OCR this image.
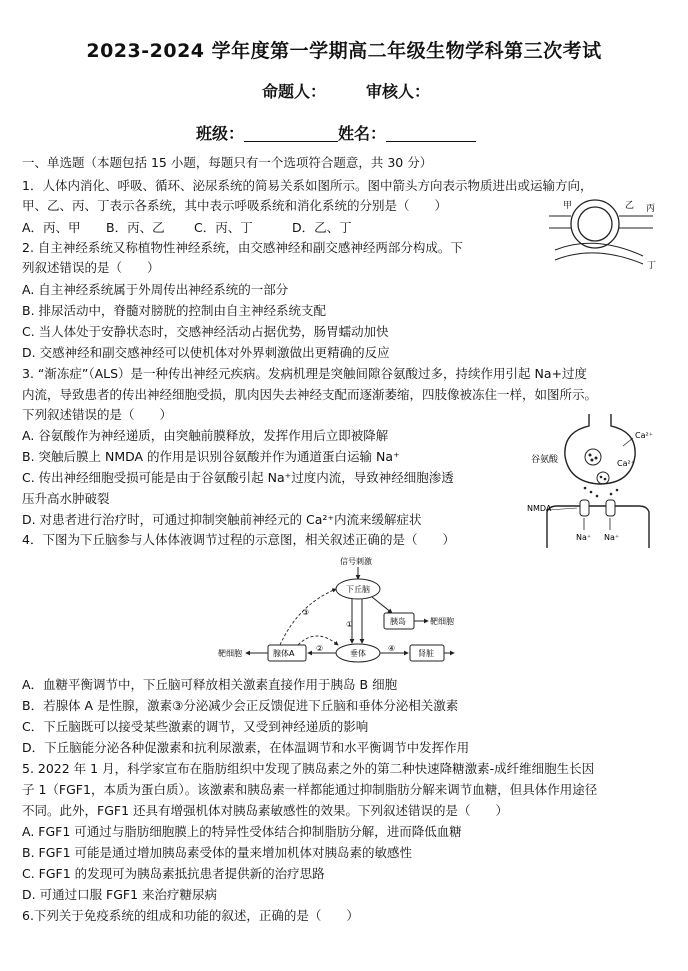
2023-2024 学年度第一学期高二年级生物学科第三次考试
命题人：	审核人：
班级：	姓名：
一、单选题（本题包括 15 小题，每题只有一个选项符合题意，共 30 分）
1．人体内消化、呼吸、循环、泌尿系统的简易关系如图所示。图中箭头方向表示物质进出或运输方向，
甲、乙、丙、丁表示各系统，其中表示呼吸系统和消化系统的分别是（　　）
A．丙、甲 B．丙、乙 C．丙、丁	D．乙、丁
甲	乙 丙
丁
2. 自主神经系统又称植物性神经系统，由交感神经和副交感神经两部分构成。下
列叙述错误的是（　　）
A. 自主神经系统属于外周传出神经系统的一部分
B. 排尿活动中，脊髓对膀胱的控制由自主神经系统支配
C. 当人体处于安静状态时，交感神经活动占据优势，肠胃蠕动加快
D. 交感神经和副交感神经可以使机体对外界刺激做出更精确的反应
3. “渐冻症”（ALS）是一种传出神经元疾病。发病机理是突触间隙谷氨酸过多，持续作用引起 Na+过度
内流，导致患者的传出神经细胞受损，肌肉因失去神经支配而逐渐萎缩，四肢像被冻住一样，如图所示。
下列叙述错误的是（　　）
A. 谷氨酸作为神经递质，由突触前膜释放，发挥作用后立即被降解
B. 突触后膜上 NMDA 的作用是识别谷氨酸并作为通道蛋白运输 Na⁺
C. 传出神经细胞受损可能是由于谷氨酸引起 Na⁺过度内流，导致神经细胞渗透
压升高水肿破裂
D. 对患者进行治疗时，可通过抑制突触前神经元的 Ca²⁺内流来缓解症状
谷氨酸
Ca²⁺
Ca²⁺
NMDA
Na⁺ Na⁺
4．下图为下丘脑参与人体体液调节过程的示意图，相关叙述正确的是（　　）
信号刺激
下丘脑
胰岛	靶细胞
腺体A	垂体	肾脏
靶细胞
①
②
③
④
A．血糖平衡调节中，下丘脑可释放相关激素直接作用于胰岛 B 细胞
B．若腺体 A 是性腺，激素③分泌减少会正反馈促进下丘脑和垂体分泌相关激素
C．下丘脑既可以接受某些激素的调节，又受到神经递质的影响
D．下丘脑能分泌各种促激素和抗利尿激素，在体温调节和水平衡调节中发挥作用
5. 2022 年 1 月，科学家宣布在脂肪组织中发现了胰岛素之外的第二种快速降糖激素-成纤维细胞生长因
子 1（FGF1，本质为蛋白质）。该激素和胰岛素一样都能通过抑制脂肪分解来调节血糖，但具体作用途径
不同。此外，FGF1 还具有增强机体对胰岛素敏感性的效果。下列叙述错误的是（　　）
A. FGF1 可通过与脂肪细胞膜上的特异性受体结合抑制脂肪分解，进而降低血糖
B. FGF1 可能是通过增加胰岛素受体的量来增加机体对胰岛素的敏感性
C. FGF1 的发现可为胰岛素抵抗患者提供新的治疗思路
D. 可通过口服 FGF1 来治疗糖尿病
6.下列关于免疫系统的组成和功能的叙述，正确的是（　　）
